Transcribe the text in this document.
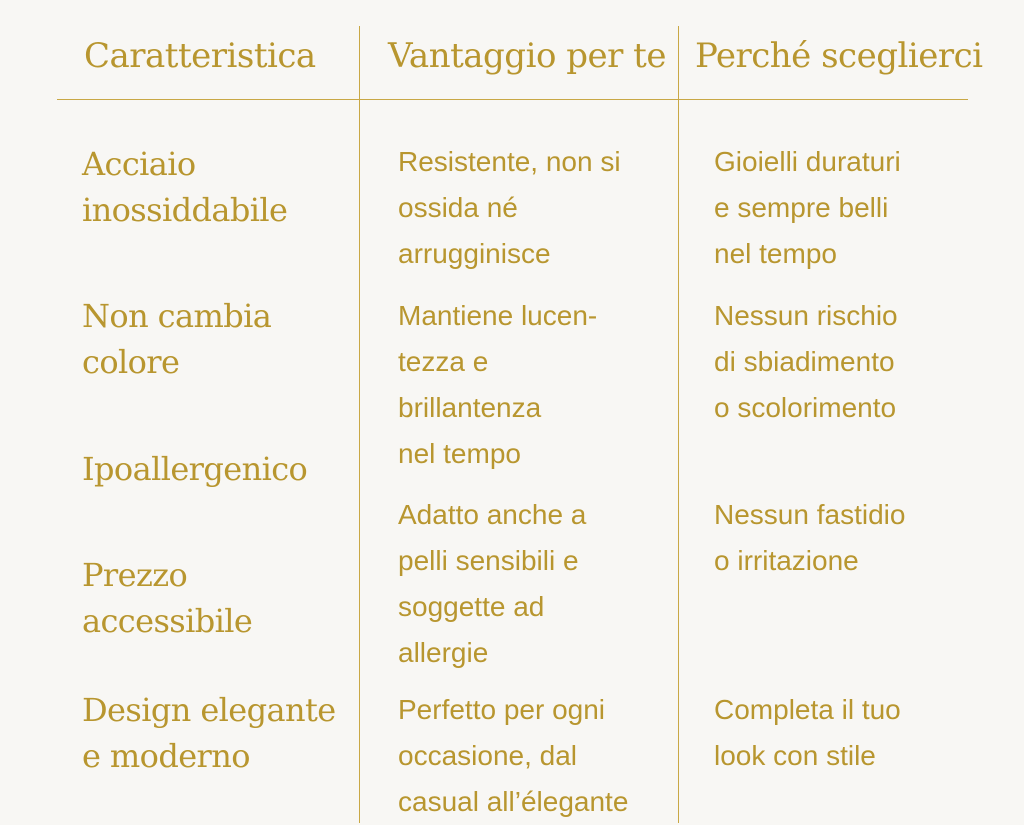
Caratteristica Vantaggio per te Perché sceglierci
Acciaio
inossiddabile
Non cambia
colore
Ipoallergenico
Prezzo
accessibile
Design elegante
e moderno
Resistente, non si
ossida né
arrugginisce
Mantiene lucen-
tezza e
brillantenza
nel tempo
Adatto anche a
pelli sensibili e
soggette ad
allergie
Perfetto per ogni
occasione, dal
casual all’élegante
Gioielli duraturi
e sempre belli
nel tempo
Nessun rischio
di sbiadimento
o scolorimento
Nessun fastidio
o irritazione
Completa il tuo
look con stile
